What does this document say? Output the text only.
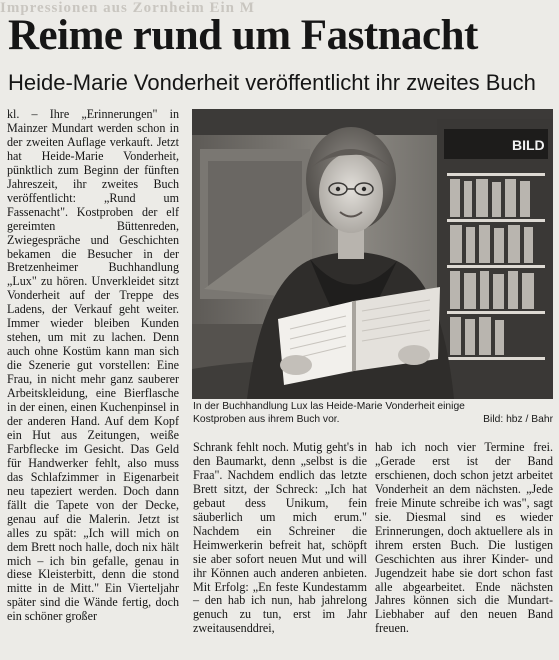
Impressionen aus Zornheim Ein M
Reime rund um Fastnacht
Heide-Marie Vonderheit veröffentlicht ihr zweites Buch

kl. – Ihre „Erinnerungen" in Mainzer Mundart werden schon in der zweiten Auflage verkauft. Jetzt hat Heide-Marie Vonderheit, pünktlich zum Beginn der fünften Jahreszeit, ihr zweites Buch veröffentlicht: „Rund um Fassenacht". Kostproben der elf gereimten Büttenreden, Zwiegespräche und Geschichten bekamen die Besucher in der Bretzenheimer Buchhandlung „Lux" zu hören. Unverkleidet sitzt Vonderheit auf der Treppe des Ladens, der Verkauf geht weiter. Immer wieder bleiben Kunden stehen, um mit zu lachen. Denn auch ohne Kostüm kann man sich die Szenerie gut vorstellen: Eine Frau, in nicht mehr ganz sauberer Arbeitskleidung, eine Bierflasche in der einen, einen Kuchenpinsel in der anderen Hand. Auf dem Kopf ein Hut aus Zeitungen, weiße Farbflecke im Gesicht. Das Geld für Handwerker fehlt, also muss das Schlafzimmer in Eigenarbeit neu tapeziert werden. Doch dann fällt die Tapete von der Decke, genau auf die Malerin. Jetzt ist alles zu spät: „Ich will mich on dem Brett noch halle, doch nix hält mich – ich bin gefalle, genau in diese Kleisterbitt, denn die stond mitte in de Mitt." Ein Vierteljahr später sind die Wände fertig, doch ein schöner großer

BILD
In der Buchhandlung Lux las Heide-Marie Vonderheit einige
Kostproben aus ihrem Buch vor.	Bild: hbz / Bahr

Schrank fehlt noch. Mutig geht's in den Baumarkt, denn „selbst is die Fraa". Nachdem endlich das letzte Brett sitzt, der Schreck: „Ich hat gebaut dess Unikum, fein säuberlich um mich erum." Nachdem ein Schreiner die Heimwerkerin befreit hat, schöpft sie aber sofort neuen Mut und will ihr Können auch anderen anbieten. Mit Erfolg: „En feste Kundestamm – den hab ich nun, hab jahrelong genuch zu tun, erst im Jahr zweitausenddrei,

hab ich noch vier Termine frei. „Gerade erst ist der Band erschienen, doch schon jetzt arbeitet Vonderheit an dem nächsten. „Jede freie Minute schreibe ich was", sagt sie. Diesmal sind es wieder Erinnerungen, doch aktuellere als in ihrem ersten Buch. Die lustigen Geschichten aus ihrer Kinder- und Jugendzeit habe sie dort schon fast alle abgearbeitet. Ende nächsten Jahres können sich die Mundart-Liebhaber auf den neuen Band freuen.
